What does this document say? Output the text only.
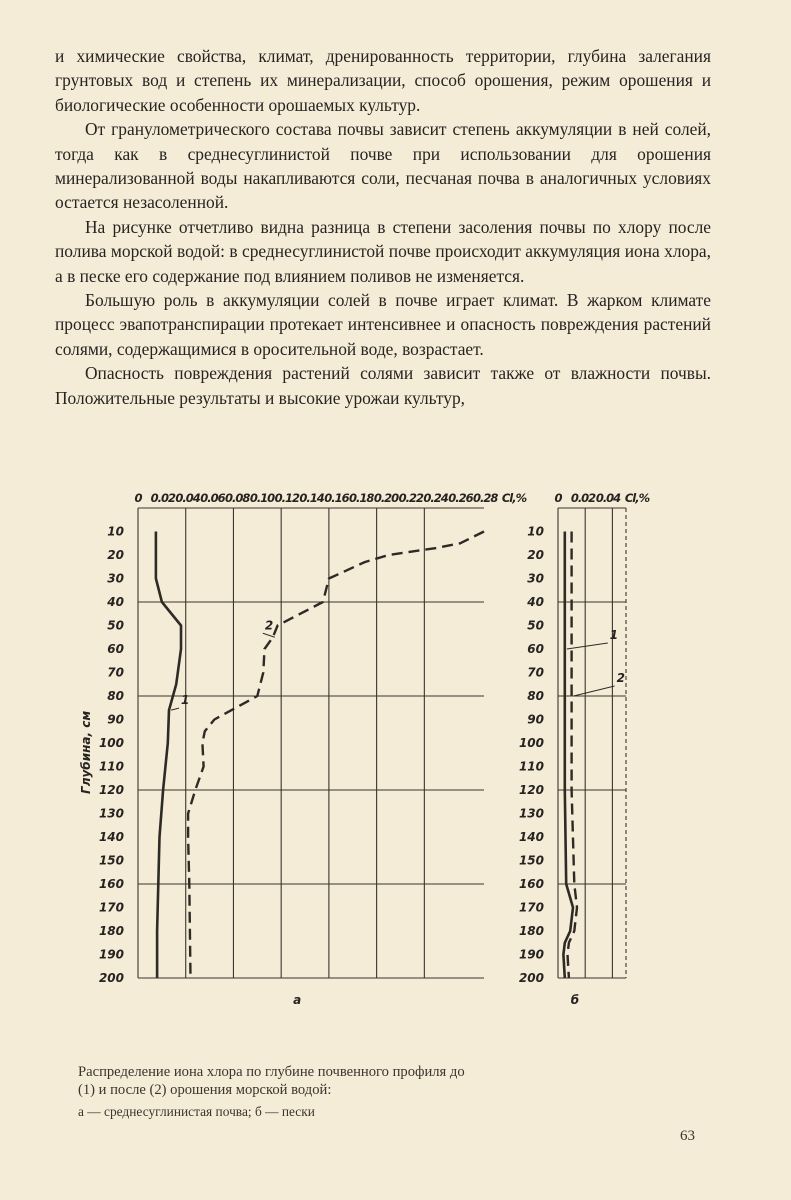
и химические свойства, климат, дренированность территории, глубина залегания грунтовых вод и степень их минерализации, способ орошения, режим орошения и биологические особенности орошаемых культур.

От гранулометрического состава почвы зависит степень аккумуляции в ней солей, тогда как в среднесуглинистой почве при использовании для орошения минерализованной воды накапливаются соли, песчаная почва в аналогичных условиях остается незасоленной.

На рисунке отчетливо видна разница в степени засоления почвы по хлору после полива морской водой: в среднесуглинистой почве происходит аккумуляция иона хлора, а в песке его содержание под влиянием поливов не изменяется.

Большую роль в аккумуляции солей в почве играет климат. В жарком климате процесс эвапотранспирации протекает интенсивнее и опасность повреждения растений солями, содержащимися в оросительной воде, возрастает.

Опасность повреждения растений солями зависит также от влажности почвы. Положительные результаты и высокие урожаи культур,

0 0.02 0.04 0.06 0.08 0.10 0.12 0.14 0.16 0.18 0.20 0.22 0.24 0.26 0.28 Cl,%
10
20
30
40
50
60
70
80
90
100
110
120
130
140
150
160
170
180
190
200
Глубина, см
1
2
а
0 0.02 0.04 Cl,%
10
20
30
40
50
60
70
80
90
100
110
120
130
140
150
160
170
180
190
200
1
2
б
Распределение иона хлора по глубине почвенного профиля до
(1) и после (2) орошения морской водой:
а — среднесуглинистая почва; б — пески
63
